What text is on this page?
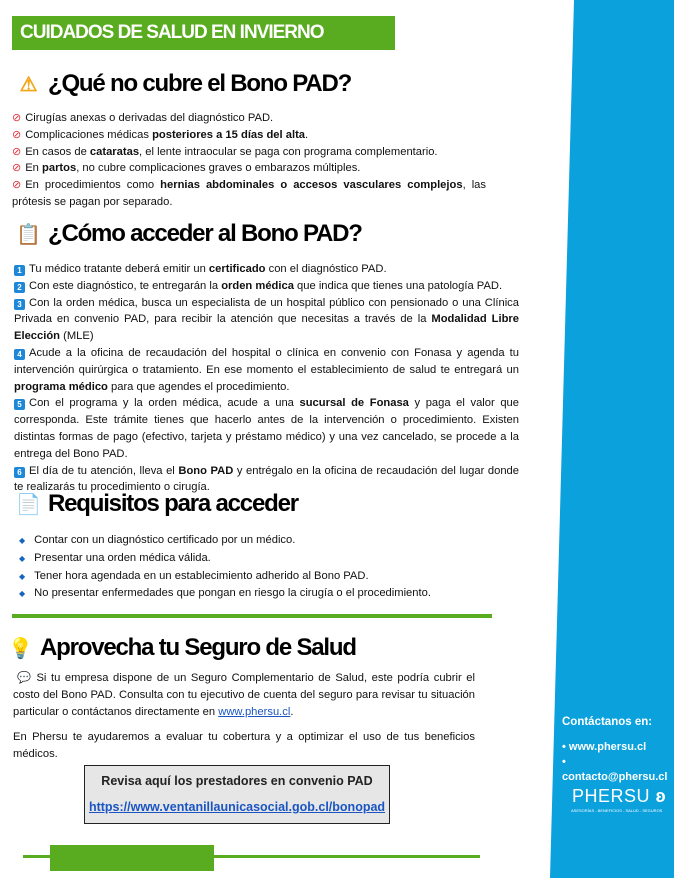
CUIDADOS DE SALUD EN INVIERNO
⚠ ¿Qué no cubre el Bono PAD?

⊘ Cirugías anexas o derivadas del diagnóstico PAD.

⊘ Complicaciones médicas posteriores a 15 días del alta.

⊘ En casos de cataratas, el lente intraocular se paga con programa complementario.

⊘ En partos, no cubre complicaciones graves o embarazos múltiples.

⊘ En procedimientos como hernias abdominales o accesos vasculares complejos, las prótesis se pagan por separado.

📋 ¿Cómo acceder al Bono PAD?

1 Tu médico tratante deberá emitir un certificado con el diagnóstico PAD.

2 Con este diagnóstico, te entregarán la orden médica que indica que tienes una patología PAD.

3 Con la orden médica, busca un especialista de un hospital público con pensionado o una Clínica Privada en convenio PAD, para recibir la atención que necesitas a través de la Modalidad Libre Elección (MLE)

4 Acude a la oficina de recaudación del hospital o clínica en convenio con Fonasa y agenda tu intervención quirúrgica o tratamiento. En ese momento el establecimiento de salud te entregará un programa médico para que agendes el procedimiento.

5 Con el programa y la orden médica, acude a una sucursal de Fonasa y paga el valor que corresponda. Este trámite tienes que hacerlo antes de la intervención o procedimiento. Existen distintas formas de pago (efectivo, tarjeta y préstamo médico) y una vez cancelado, se procede a la entrega del Bono PAD.

6 El día de tu atención, lleva el Bono PAD y entrégalo en la oficina de recaudación del lugar donde te realizarás tu procedimiento o cirugía.

📄 Requisitos para acceder

◆ Contar con un diagnóstico certificado por un médico.

◆ Presentar una orden médica válida.

◆ Tener hora agendada en un establecimiento adherido al Bono PAD.

◆ No presentar enfermedades que pongan en riesgo la cirugía o el procedimiento.

💡 Aprovecha tu Seguro de Salud

💬 Si tu empresa dispone de un Seguro Complementario de Salud, este podría cubrir el costo del Bono PAD. Consulta con tu ejecutivo de cuenta del seguro para revisar tu situación particular o contáctanos directamente en www.phersu.cl.

En Phersu te ayudaremos a evaluar tu cobertura y a optimizar el uso de tus beneficios médicos.

Revisa aquí los prestadores en convenio PAD
https://www.ventanillaunicasocial.gob.cl/bonopad
Contáctanos en:
• www.phersu.cl
• contacto@phersu.cl
PHERSU ʚ
ASESORÍAS - BENEFICIOS - SALUD - SEGUROS
